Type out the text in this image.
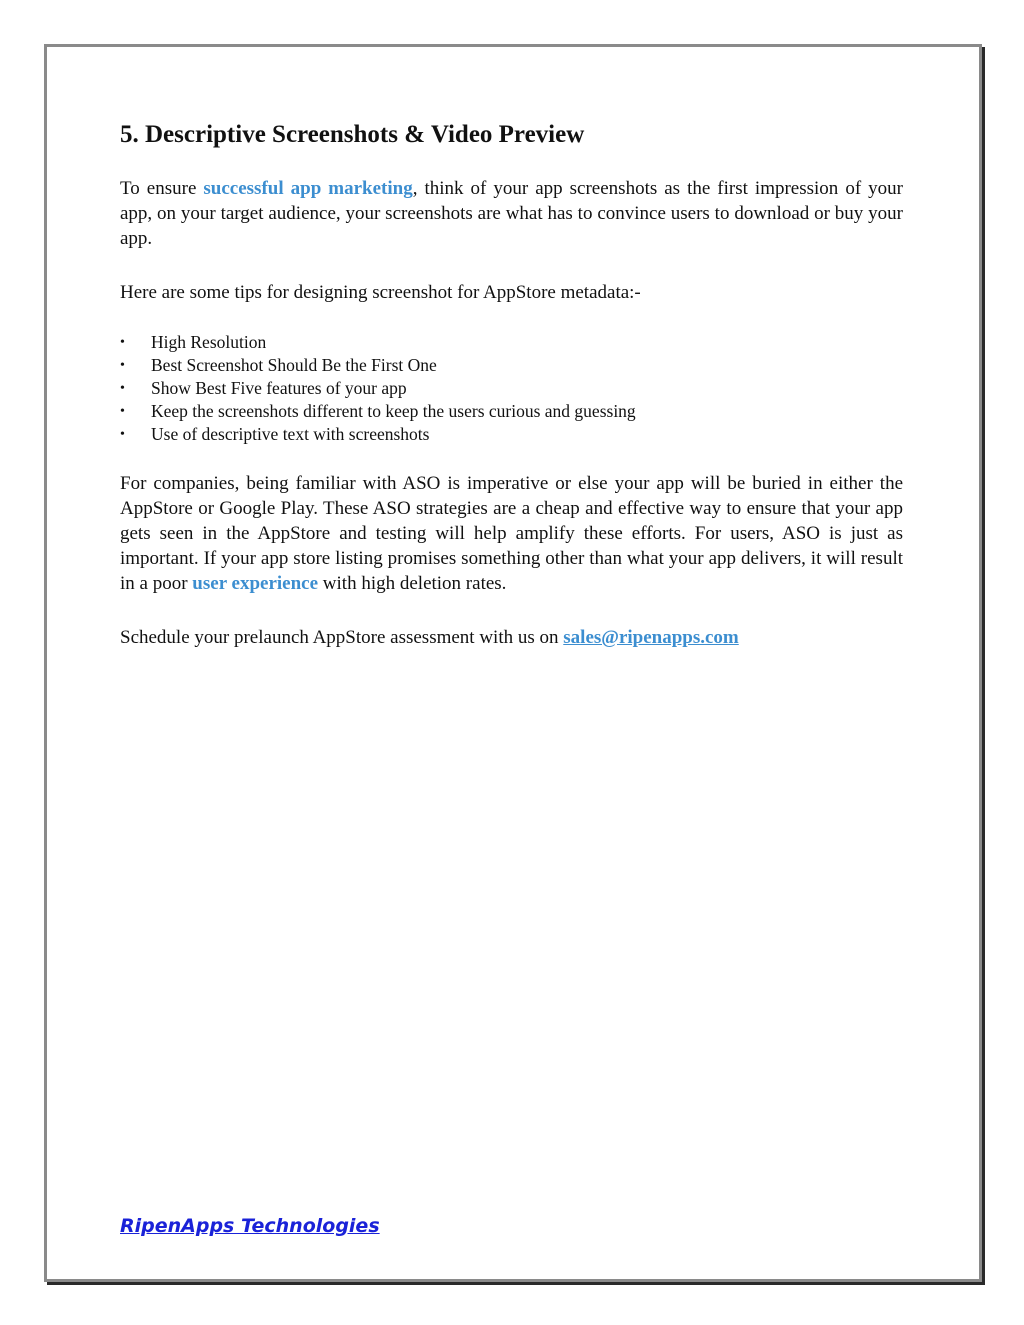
5. Descriptive Screenshots & Video Preview

To ensure successful app marketing, think of your app screenshots as the first impression of your app, on your target audience, your screenshots are what has to convince users to download or buy your app.

Here are some tips for designing screenshot for AppStore metadata:-

• High Resolution
• Best Screenshot Should Be the First One
• Show Best Five features of your app
• Keep the screenshots different to keep the users curious and guessing
• Use of descriptive text with screenshots

For companies, being familiar with ASO is imperative or else your app will be buried in either the AppStore or Google Play. These ASO strategies are a cheap and effective way to ensure that your app gets seen in the AppStore and testing will help amplify these efforts. For users, ASO is just as important. If your app store listing promises something other than what your app delivers, it will result in a poor user experience with high deletion rates.

Schedule your prelaunch AppStore assessment with us on sales@ripenapps.com

RipenApps Technologies
